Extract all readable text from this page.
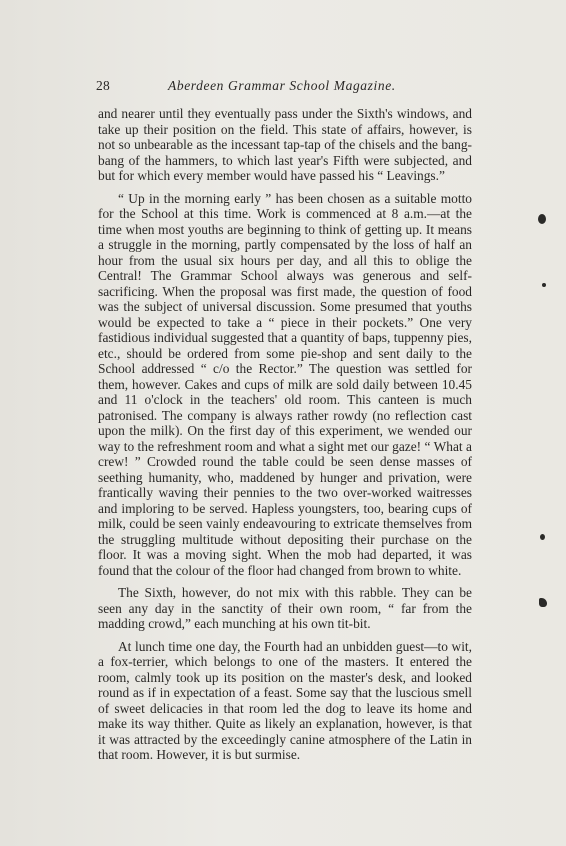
28	Aberdeen Grammar School Magazine.

and nearer until they eventually pass under the Sixth's windows, and take up their position on the field. This state of affairs, however, is not so unbearable as the incessant tap-tap of the chisels and the bang-bang of the hammers, to which last year's Fifth were subjected, and but for which every member would have passed his “ Leavings.”

“ Up in the morning early ” has been chosen as a suitable motto for the School at this time. Work is commenced at 8 a.m.—at the time when most youths are beginning to think of getting up. It means a struggle in the morning, partly compensated by the loss of half an hour from the usual six hours per day, and all this to oblige the Central! The Grammar School always was generous and self-sacrificing. When the proposal was first made, the question of food was the subject of universal discussion. Some presumed that youths would be expected to take a “ piece in their pockets.” One very fastidious individual suggested that a quantity of baps, tuppenny pies, etc., should be ordered from some pie-shop and sent daily to the School addressed “ c/o the Rector.” The question was settled for them, however. Cakes and cups of milk are sold daily between 10.45 and 11 o'clock in the teachers' old room. This canteen is much patronised. The company is always rather rowdy (no reflection cast upon the milk). On the first day of this experiment, we wended our way to the refreshment room and what a sight met our gaze! “ What a crew! ” Crowded round the table could be seen dense masses of seething humanity, who, maddened by hunger and privation, were frantically waving their pennies to the two over-worked waitresses and imploring to be served. Hapless youngsters, too, bearing cups of milk, could be seen vainly endeavouring to extricate themselves from the struggling multitude without depositing their purchase on the floor. It was a moving sight. When the mob had departed, it was found that the colour of the floor had changed from brown to white.

The Sixth, however, do not mix with this rabble. They can be seen any day in the sanctity of their own room, “ far from the madding crowd,” each munching at his own tit-bit.

At lunch time one day, the Fourth had an unbidden guest—to wit, a fox-terrier, which belongs to one of the masters. It entered the room, calmly took up its position on the master's desk, and looked round as if in expectation of a feast. Some say that the luscious smell of sweet delicacies in that room led the dog to leave its home and make its way thither. Quite as likely an explanation, however, is that it was attracted by the exceedingly canine atmosphere of the Latin in that room. However, it is but surmise.
